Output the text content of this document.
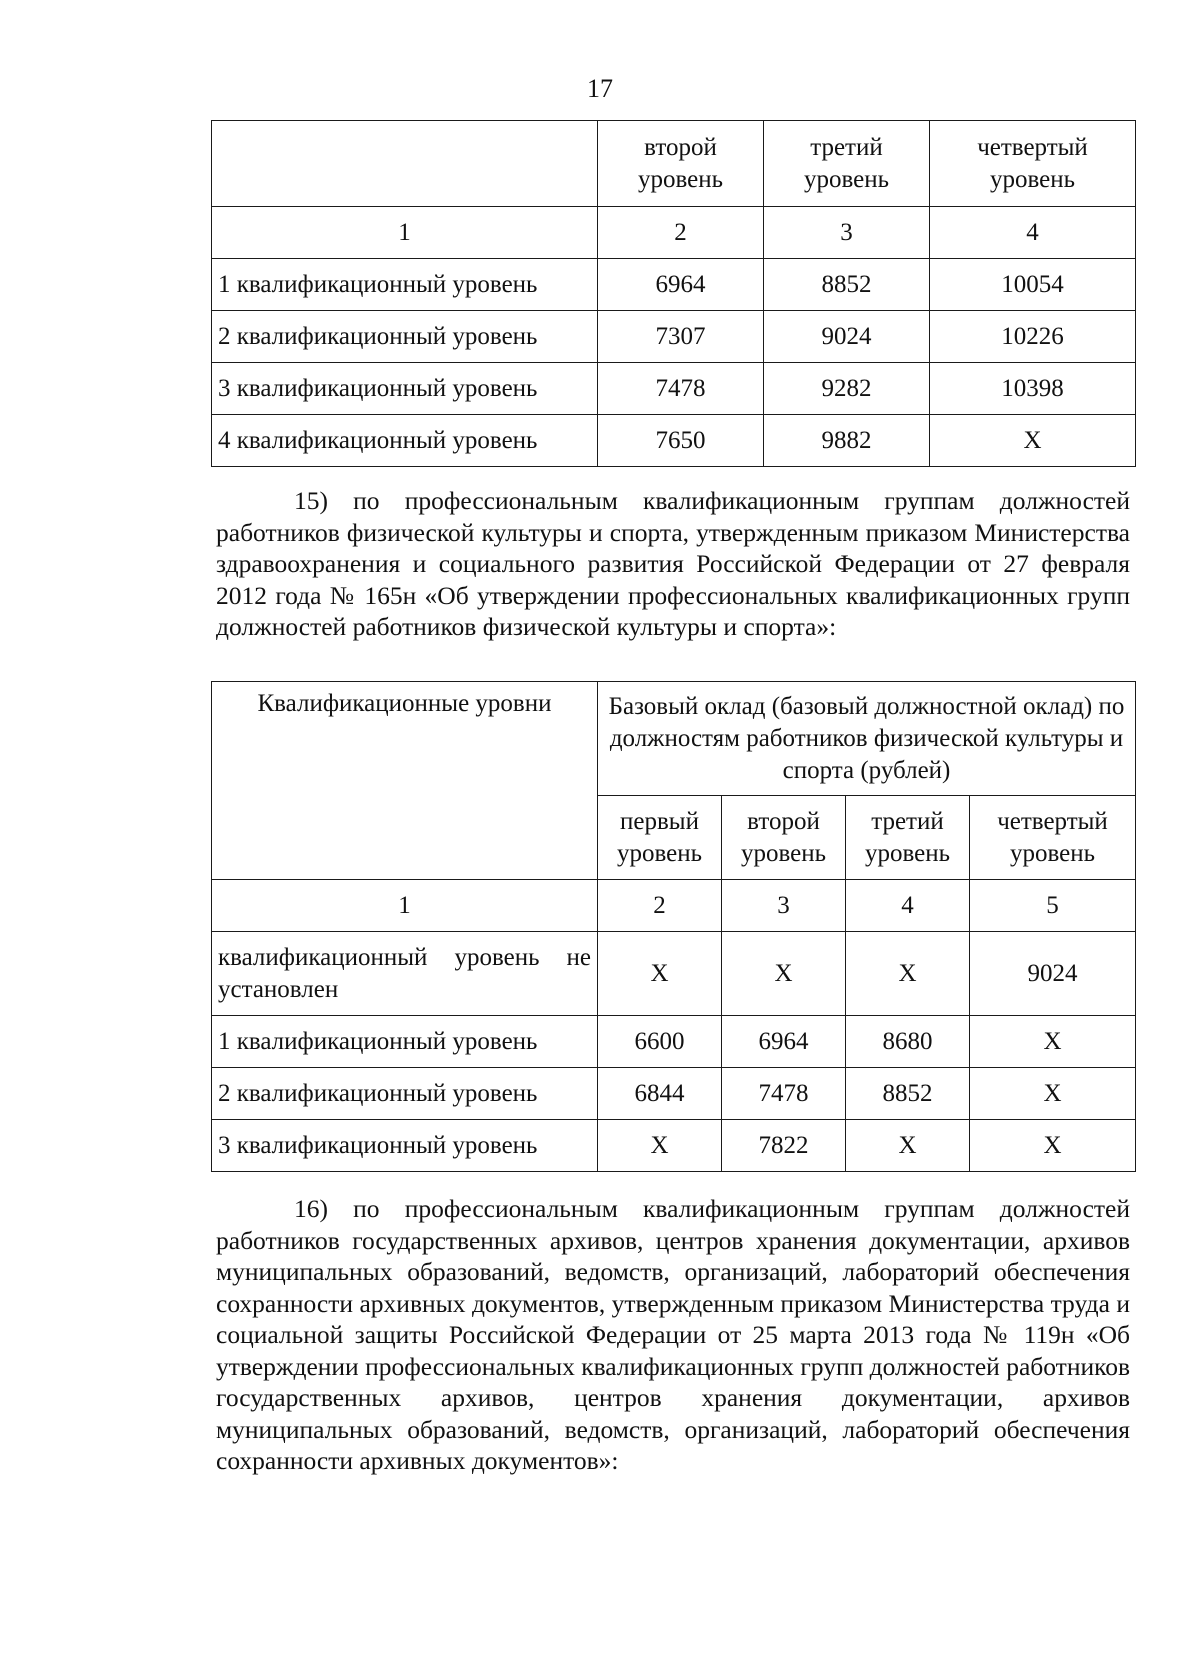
17
	второй уровень	третий уровень	четвертый уровень
1	2	3	4
1 квалификационный уровень	6964	8852	10054
2 квалификационный уровень	7307	9024	10226
3 квалификационный уровень	7478	9282	10398
4 квалификационный уровень	7650	9882	X

15) по профессиональным квалификационным группам должностей работников физической культуры и спорта, утвержденным приказом Министерства здравоохранения и социального развития Российской Федерации от 27 февраля 2012 года № 165н «Об утверждении профессиональных квалификационных групп должностей работников физической культуры и спорта»:

Квалификационные уровни	Базовый оклад (базовый должностной оклад) по должностям работников физической культуры и спорта (рублей)			
	первый уровень	второй уровень	третий уровень	четвертый уровень
1	2	3	4	5
квалификационный уровень не установлен	X	X	X	9024
1 квалификационный уровень	6600	6964	8680	X
2 квалификационный уровень	6844	7478	8852	X
3 квалификационный уровень	X	7822	X	X

16) по профессиональным квалификационным группам должностей работников государственных архивов, центров хранения документации, архивов муниципальных образований, ведомств, организаций, лабораторий обеспечения сохранности архивных документов, утвержденным приказом Министерства труда и социальной защиты Российской Федерации от 25 марта 2013 года № 119н «Об утверждении профессиональных квалификационных групп должностей работников государственных архивов, центров хранения документации, архивов муниципальных образований, ведомств, организаций, лабораторий обеспечения сохранности архивных документов»:
